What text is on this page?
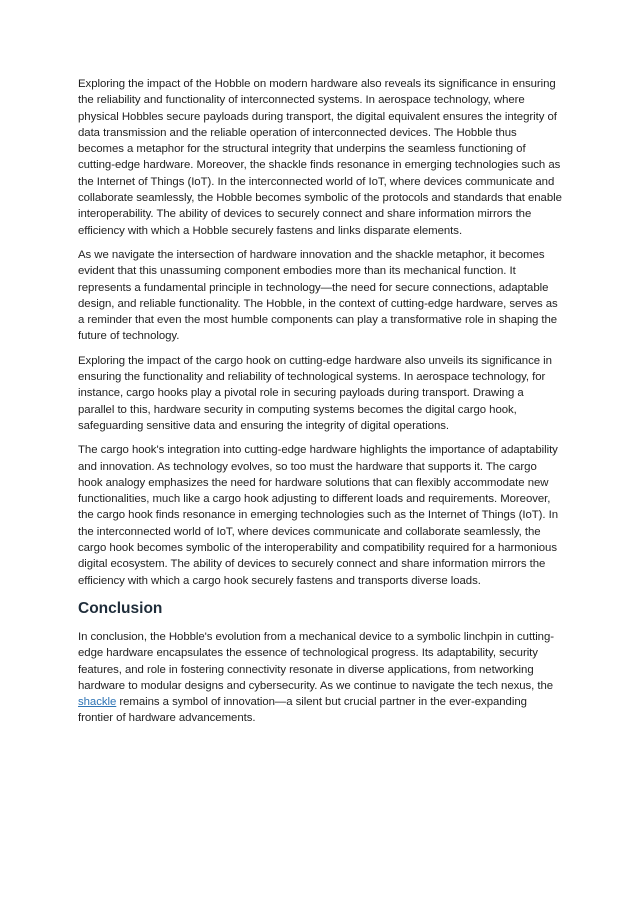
Exploring the impact of the Hobble on modern hardware also reveals its significance in ensuring the reliability and functionality of interconnected systems. In aerospace technology, where physical Hobbles secure payloads during transport, the digital equivalent ensures the integrity of data transmission and the reliable operation of interconnected devices. The Hobble thus becomes a metaphor for the structural integrity that underpins the seamless functioning of cutting-edge hardware. Moreover, the shackle finds resonance in emerging technologies such as the Internet of Things (IoT). In the interconnected world of IoT, where devices communicate and collaborate seamlessly, the Hobble becomes symbolic of the protocols and standards that enable interoperability. The ability of devices to securely connect and share information mirrors the efficiency with which a Hobble securely fastens and links disparate elements.

As we navigate the intersection of hardware innovation and the shackle metaphor, it becomes evident that this unassuming component embodies more than its mechanical function. It represents a fundamental principle in technology—the need for secure connections, adaptable design, and reliable functionality. The Hobble, in the context of cutting-edge hardware, serves as a reminder that even the most humble components can play a transformative role in shaping the future of technology.

Exploring the impact of the cargo hook on cutting-edge hardware also unveils its significance in ensuring the functionality and reliability of technological systems. In aerospace technology, for instance, cargo hooks play a pivotal role in securing payloads during transport. Drawing a parallel to this, hardware security in computing systems becomes the digital cargo hook, safeguarding sensitive data and ensuring the integrity of digital operations.

The cargo hook's integration into cutting-edge hardware highlights the importance of adaptability and innovation. As technology evolves, so too must the hardware that supports it. The cargo hook analogy emphasizes the need for hardware solutions that can flexibly accommodate new functionalities, much like a cargo hook adjusting to different loads and requirements. Moreover, the cargo hook finds resonance in emerging technologies such as the Internet of Things (IoT). In the interconnected world of IoT, where devices communicate and collaborate seamlessly, the cargo hook becomes symbolic of the interoperability and compatibility required for a harmonious digital ecosystem. The ability of devices to securely connect and share information mirrors the efficiency with which a cargo hook securely fastens and transports diverse loads.

Conclusion

In conclusion, the Hobble's evolution from a mechanical device to a symbolic linchpin in cutting-edge hardware encapsulates the essence of technological progress. Its adaptability, security features, and role in fostering connectivity resonate in diverse applications, from networking hardware to modular designs and cybersecurity. As we continue to navigate the tech nexus, the shackle remains a symbol of innovation—a silent but crucial partner in the ever-expanding frontier of hardware advancements.
